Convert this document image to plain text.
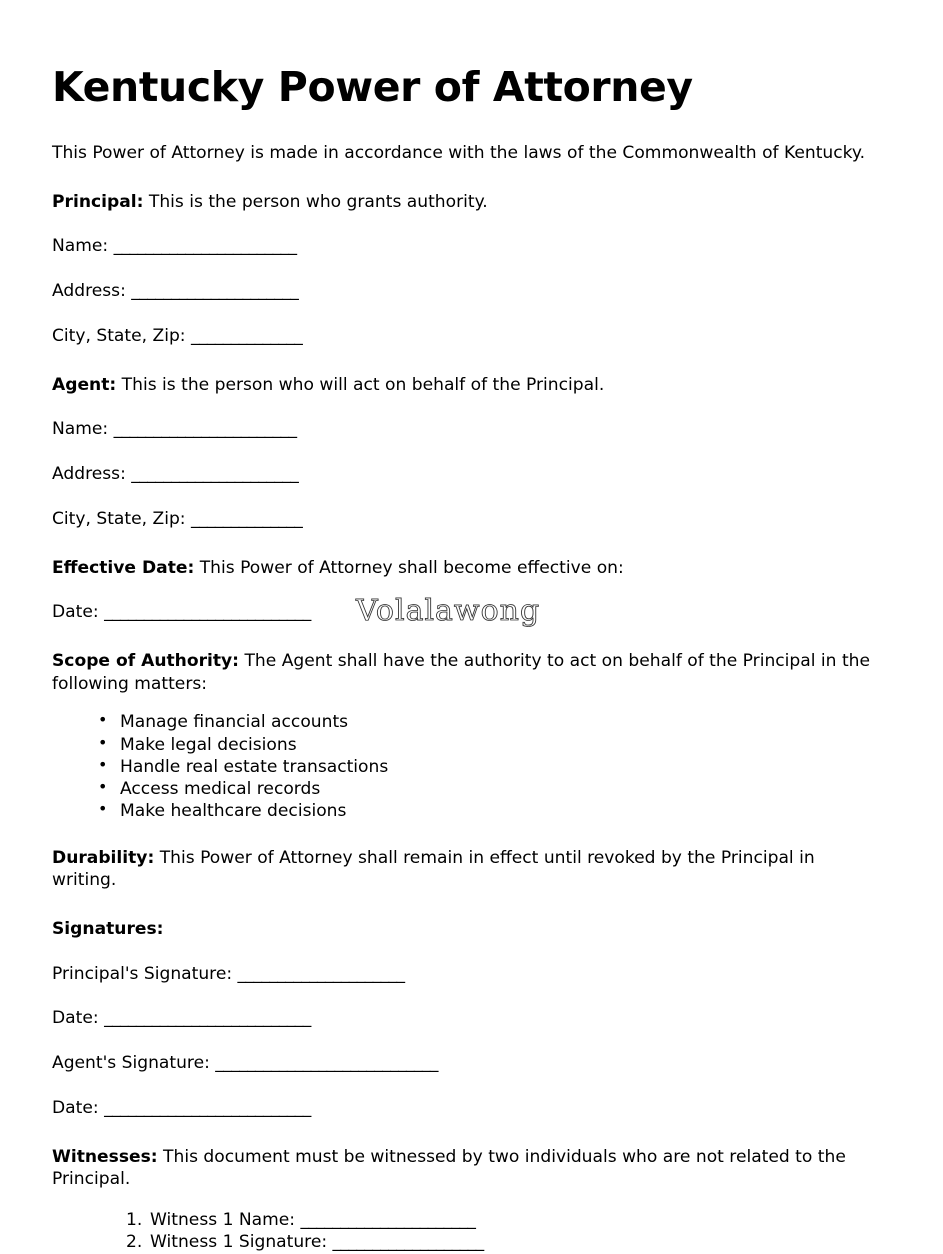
Kentucky Power of Attorney

This Power of Attorney is made in accordance with the laws of the Commonwealth of Kentucky.

Principal: This is the person who grants authority.

Name: _______________________

Address: _____________________

City, State, Zip: ______________

Agent: This is the person who will act on behalf of the Principal.

Name: _______________________

Address: _____________________

City, State, Zip: ______________

Effective Date: This Power of Attorney shall become effective on:

Date: __________________________

Scope of Authority: The Agent shall have the authority to act on behalf of the Principal in the following matters:

• Manage financial accounts
• Make legal decisions
• Handle real estate transactions
• Access medical records
• Make healthcare decisions

Durability: This Power of Attorney shall remain in effect until revoked by the Principal in writing.

Signatures:

Principal's Signature: _____________________

Date: __________________________

Agent's Signature: ____________________________

Date: __________________________

Witnesses: This document must be witnessed by two individuals who are not related to the Principal.

Witness 1 Name: ______________________
Witness 1 Signature: ___________________
Volalawong
